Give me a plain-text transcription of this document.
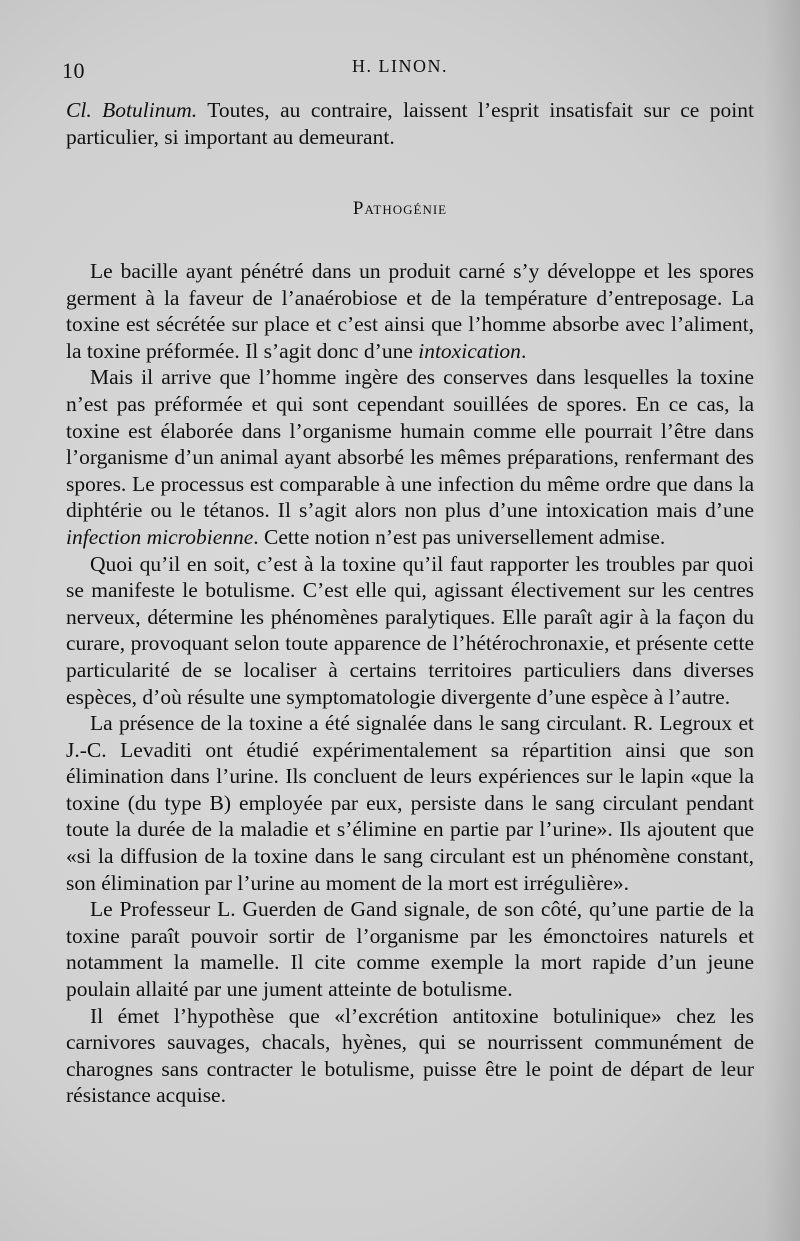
10	H. LINON.

Cl. Botulinum. Toutes, au contraire, laissent l’esprit insatisfait sur ce point particulier, si important au demeurant.

Pathogénie

Le bacille ayant pénétré dans un produit carné s’y développe et les spores germent à la faveur de l’anaérobiose et de la température d’entreposage. La toxine est sécrétée sur place et c’est ainsi que l’homme absorbe avec l’aliment, la toxine préformée. Il s’agit donc d’une intoxication.

Mais il arrive que l’homme ingère des conserves dans lesquelles la toxine n’est pas préformée et qui sont cependant souillées de spores. En ce cas, la toxine est élaborée dans l’organisme humain comme elle pourrait l’être dans l’organisme d’un animal ayant absorbé les mêmes préparations, renfermant des spores. Le processus est comparable à une infection du même ordre que dans la diphtérie ou le tétanos. Il s’agit alors non plus d’une intoxication mais d’une infection microbienne. Cette notion n’est pas universellement admise.

Quoi qu’il en soit, c’est à la toxine qu’il faut rapporter les troubles par quoi se manifeste le botulisme. C’est elle qui, agissant électivement sur les centres nerveux, détermine les phénomènes paralytiques. Elle paraît agir à la façon du curare, provoquant selon toute apparence de l’hétérochronaxie, et présente cette particularité de se localiser à certains territoires particuliers dans diverses espèces, d’où résulte une symptomatologie divergente d’une espèce à l’autre.

La présence de la toxine a été signalée dans le sang circulant. R. Legroux et J.-C. Levaditi ont étudié expérimentalement sa répartition ainsi que son élimination dans l’urine. Ils concluent de leurs expériences sur le lapin «que la toxine (du type B) employée par eux, persiste dans le sang circulant pendant toute la durée de la maladie et s’élimine en partie par l’urine». Ils ajoutent que «si la diffusion de la toxine dans le sang circulant est un phénomène constant, son élimination par l’urine au moment de la mort est irrégulière».

Le Professeur L. Guerden de Gand signale, de son côté, qu’une partie de la toxine paraît pouvoir sortir de l’organisme par les émonctoires naturels et notamment la mamelle. Il cite comme exemple la mort rapide d’un jeune poulain allaité par une jument atteinte de botulisme.

Il émet l’hypothèse que «l’excrétion antitoxine botulinique» chez les carnivores sauvages, chacals, hyènes, qui se nourrissent communément de charognes sans contracter le botulisme, puisse être le point de départ de leur résistance acquise.
